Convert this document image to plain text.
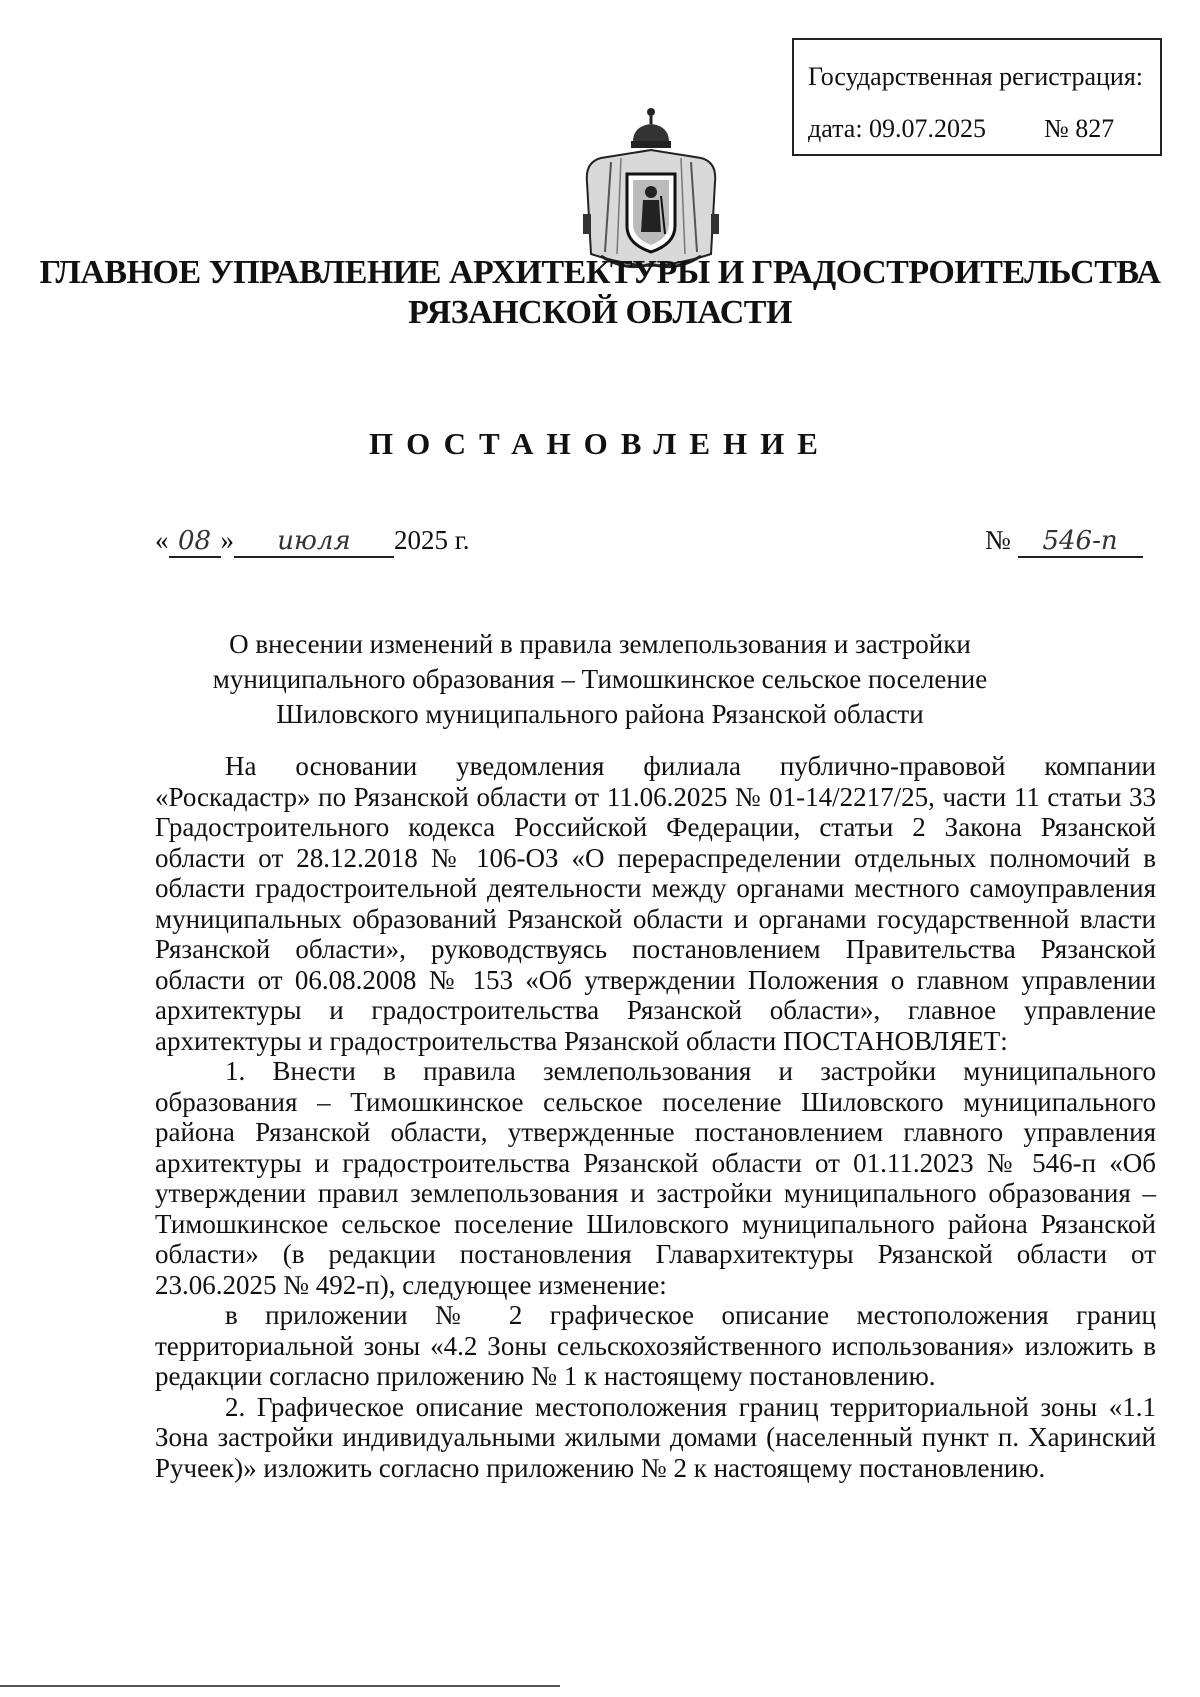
Государственная регистрация:
дата: 09.07.2025 № 827
ГЛАВНОЕ УПРАВЛЕНИЕ АРХИТЕКТУРЫ И ГРАДОСТРОИТЕЛЬСТВА
РЯЗАНСКОЙ ОБЛАСТИ
ПОСТАНОВЛЕНИЕ
« 08 » июля 2025 г.	№ 546-п
О внесении изменений в правила землепользования и застройки
муниципального образования – Тимошкинское сельское поселение
Шиловского муниципального района Рязанской области

На основании уведомления филиала публично-правовой компании «Роскадастр» по Рязанской области от 11.06.2025 № 01-14/2217/25, части 11 статьи 33 Градостроительного кодекса Российской Федерации, статьи 2 Закона Рязанской области от 28.12.2018 № 106-ОЗ «О перераспределении отдельных полномочий в области градостроительной деятельности между органами местного самоуправления муниципальных образований Рязанской области и органами государственной власти Рязанской области», руководствуясь постановлением Правительства Рязанской области от 06.08.2008 № 153 «Об утверждении Положения о главном управлении архитектуры и градостроительства Рязанской области», главное управление архитектуры и градостроительства Рязанской области ПОСТАНОВЛЯЕТ:

1. Внести в правила землепользования и застройки муниципального образования – Тимошкинское сельское поселение Шиловского муниципального района Рязанской области, утвержденные постановлением главного управления архитектуры и градостроительства Рязанской области от 01.11.2023 № 546-п «Об утверждении правил землепользования и застройки муниципального образования – Тимошкинское сельское поселение Шиловского муниципального района Рязанской области» (в редакции постановления Главархитектуры Рязанской области от 23.06.2025 № 492-п), следующее изменение:

в приложении № 2 графическое описание местоположения границ территориальной зоны «4.2 Зоны сельскохозяйственного использования» изложить в редакции согласно приложению № 1 к настоящему постановлению.

2. Графическое описание местоположения границ территориальной зоны «1.1 Зона застройки индивидуальными жилыми домами (населенный пункт п. Харинский Ручеек)» изложить согласно приложению № 2 к настоящему постановлению.
